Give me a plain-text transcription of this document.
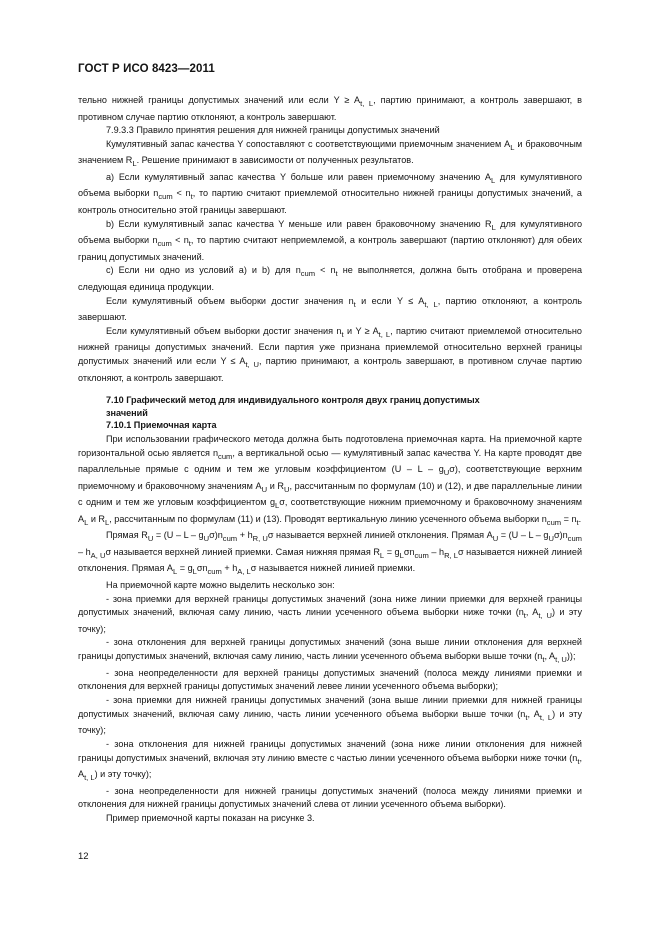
ГОСТ Р ИСО 8423—2011

тельно нижней границы допустимых значений или если $Y \ge A_{t, L}$, партию принимают, а контроль завершают, в противном случае партию отклоняют, а контроль завершают.

7.9.3.3 Правило принятия решения для нижней границы допустимых значений

Кумулятивный запас качества Y сопоставляют с соответствующими приемочным значением $A_L$ и браковочным значением $R_L$. Решение принимают в зависимости от полученных результатов.

a) Если кумулятивный запас качества Y больше или равен приемочному значению $A_L$ для кумулятивного объема выборки $n_{cum} < n_t$, то партию считают приемлемой относительно нижней границы допустимых значений, а контроль относительно этой границы завершают.

b) Если кумулятивный запас качества Y меньше или равен браковочному значению $R_L$ для кумулятивного объема выборки $n_{cum} < n_t$, то партию считают неприемлемой, а контроль завершают (партию отклоняют) для обеих границ допустимых значений.

c) Если ни одно из условий a) и b) для $n_{cum} < n_t$ не выполняется, должна быть отобрана и проверена следующая единица продукции.

Если кумулятивный объем выборки достиг значения $n_t$ и если $Y \le A_{t, L}$, партию отклоняют, а контроль завершают.

Если кумулятивный объем выборки достиг значения $n_t$ и $Y \ge A_{t, L}$, партию считают приемлемой относительно нижней границы допустимых значений. Если партия уже признана приемлемой относительно верхней границы допустимых значений или если $Y \le A_{t, U}$, партию принимают, а контроль завершают, в противном случае партию отклоняют, а контроль завершают.

7.10 Графический метод для индивидуального контроля двух границ допустимых

значений

7.10.1 Приемочная карта

При использовании графического метода должна быть подготовлена приемочная карта. На приемочной карте горизонтальной осью является $n_{cum}$, а вертикальной осью — кумулятивный запас качества Y. На карте проводят две параллельные прямые с одним и тем же угловым коэффициентом (U – L – $g_U\sigma$), соответствующие верхним приемочному и браковочному значениям $A_U$ и $R_U$, рассчитанным по формулам (10) и (12), и две параллельные линии с одним и тем же угловым коэффициентом $g_L\sigma$, соответствующие нижним приемочному и браковочному значениям $A_L$ и $R_L$, рассчитанным по формулам (11) и (13). Проводят вертикальную линию усеченного объема выборки $n_{cum} = n_t$.

Прямая $R_U = (U - L - g_U\sigma)n_{cum} + h_{R, U}\sigma$ называется верхней линией отклонения. Прямая $A_U = (U - L - g_U\sigma)n_{cum} - h_{A, U}\sigma$ называется верхней линией приемки. Самая нижняя прямая $R_L = g_L\sigma n_{cum} - h_{R, L}\sigma$ называется нижней линией отклонения. Прямая $A_L = g_L\sigma n_{cum} + h_{A, L}\sigma$ называется нижней линией приемки.

На приемочной карте можно выделить несколько зон:

- зона приемки для верхней границы допустимых значений (зона ниже линии приемки для верхней границы допустимых значений, включая саму линию, часть линии усеченного объема выборки ниже точки ($n_t$, $A_{t, U}$) и эту точку);

- зона отклонения для верхней границы допустимых значений (зона выше линии отклонения для верхней границы допустимых значений, включая саму линию, часть линии усеченного объема выборки выше точки ($n_t$, $A_{t, U}$));

- зона неопределенности для верхней границы допустимых значений (полоса между линиями приемки и отклонения для верхней границы допустимых значений левее линии усеченного объема выборки);

- зона приемки для нижней границы допустимых значений (зона выше линии приемки для нижней границы допустимых значений, включая саму линию, часть линии усеченного объема выборки выше точки ($n_t$, $A_{t, L}$) и эту точку);

- зона отклонения для нижней границы допустимых значений (зона ниже линии отклонения для нижней границы допустимых значений, включая эту линию вместе с частью линии усеченного объема выборки ниже точки ($n_t$, $A_{t, L}$) и эту точку);

- зона неопределенности для нижней границы допустимых значений (полоса между линиями приемки и отклонения для нижней границы допустимых значений слева от линии усеченного объема выборки).

Пример приемочной карты показан на рисунке 3.

12
